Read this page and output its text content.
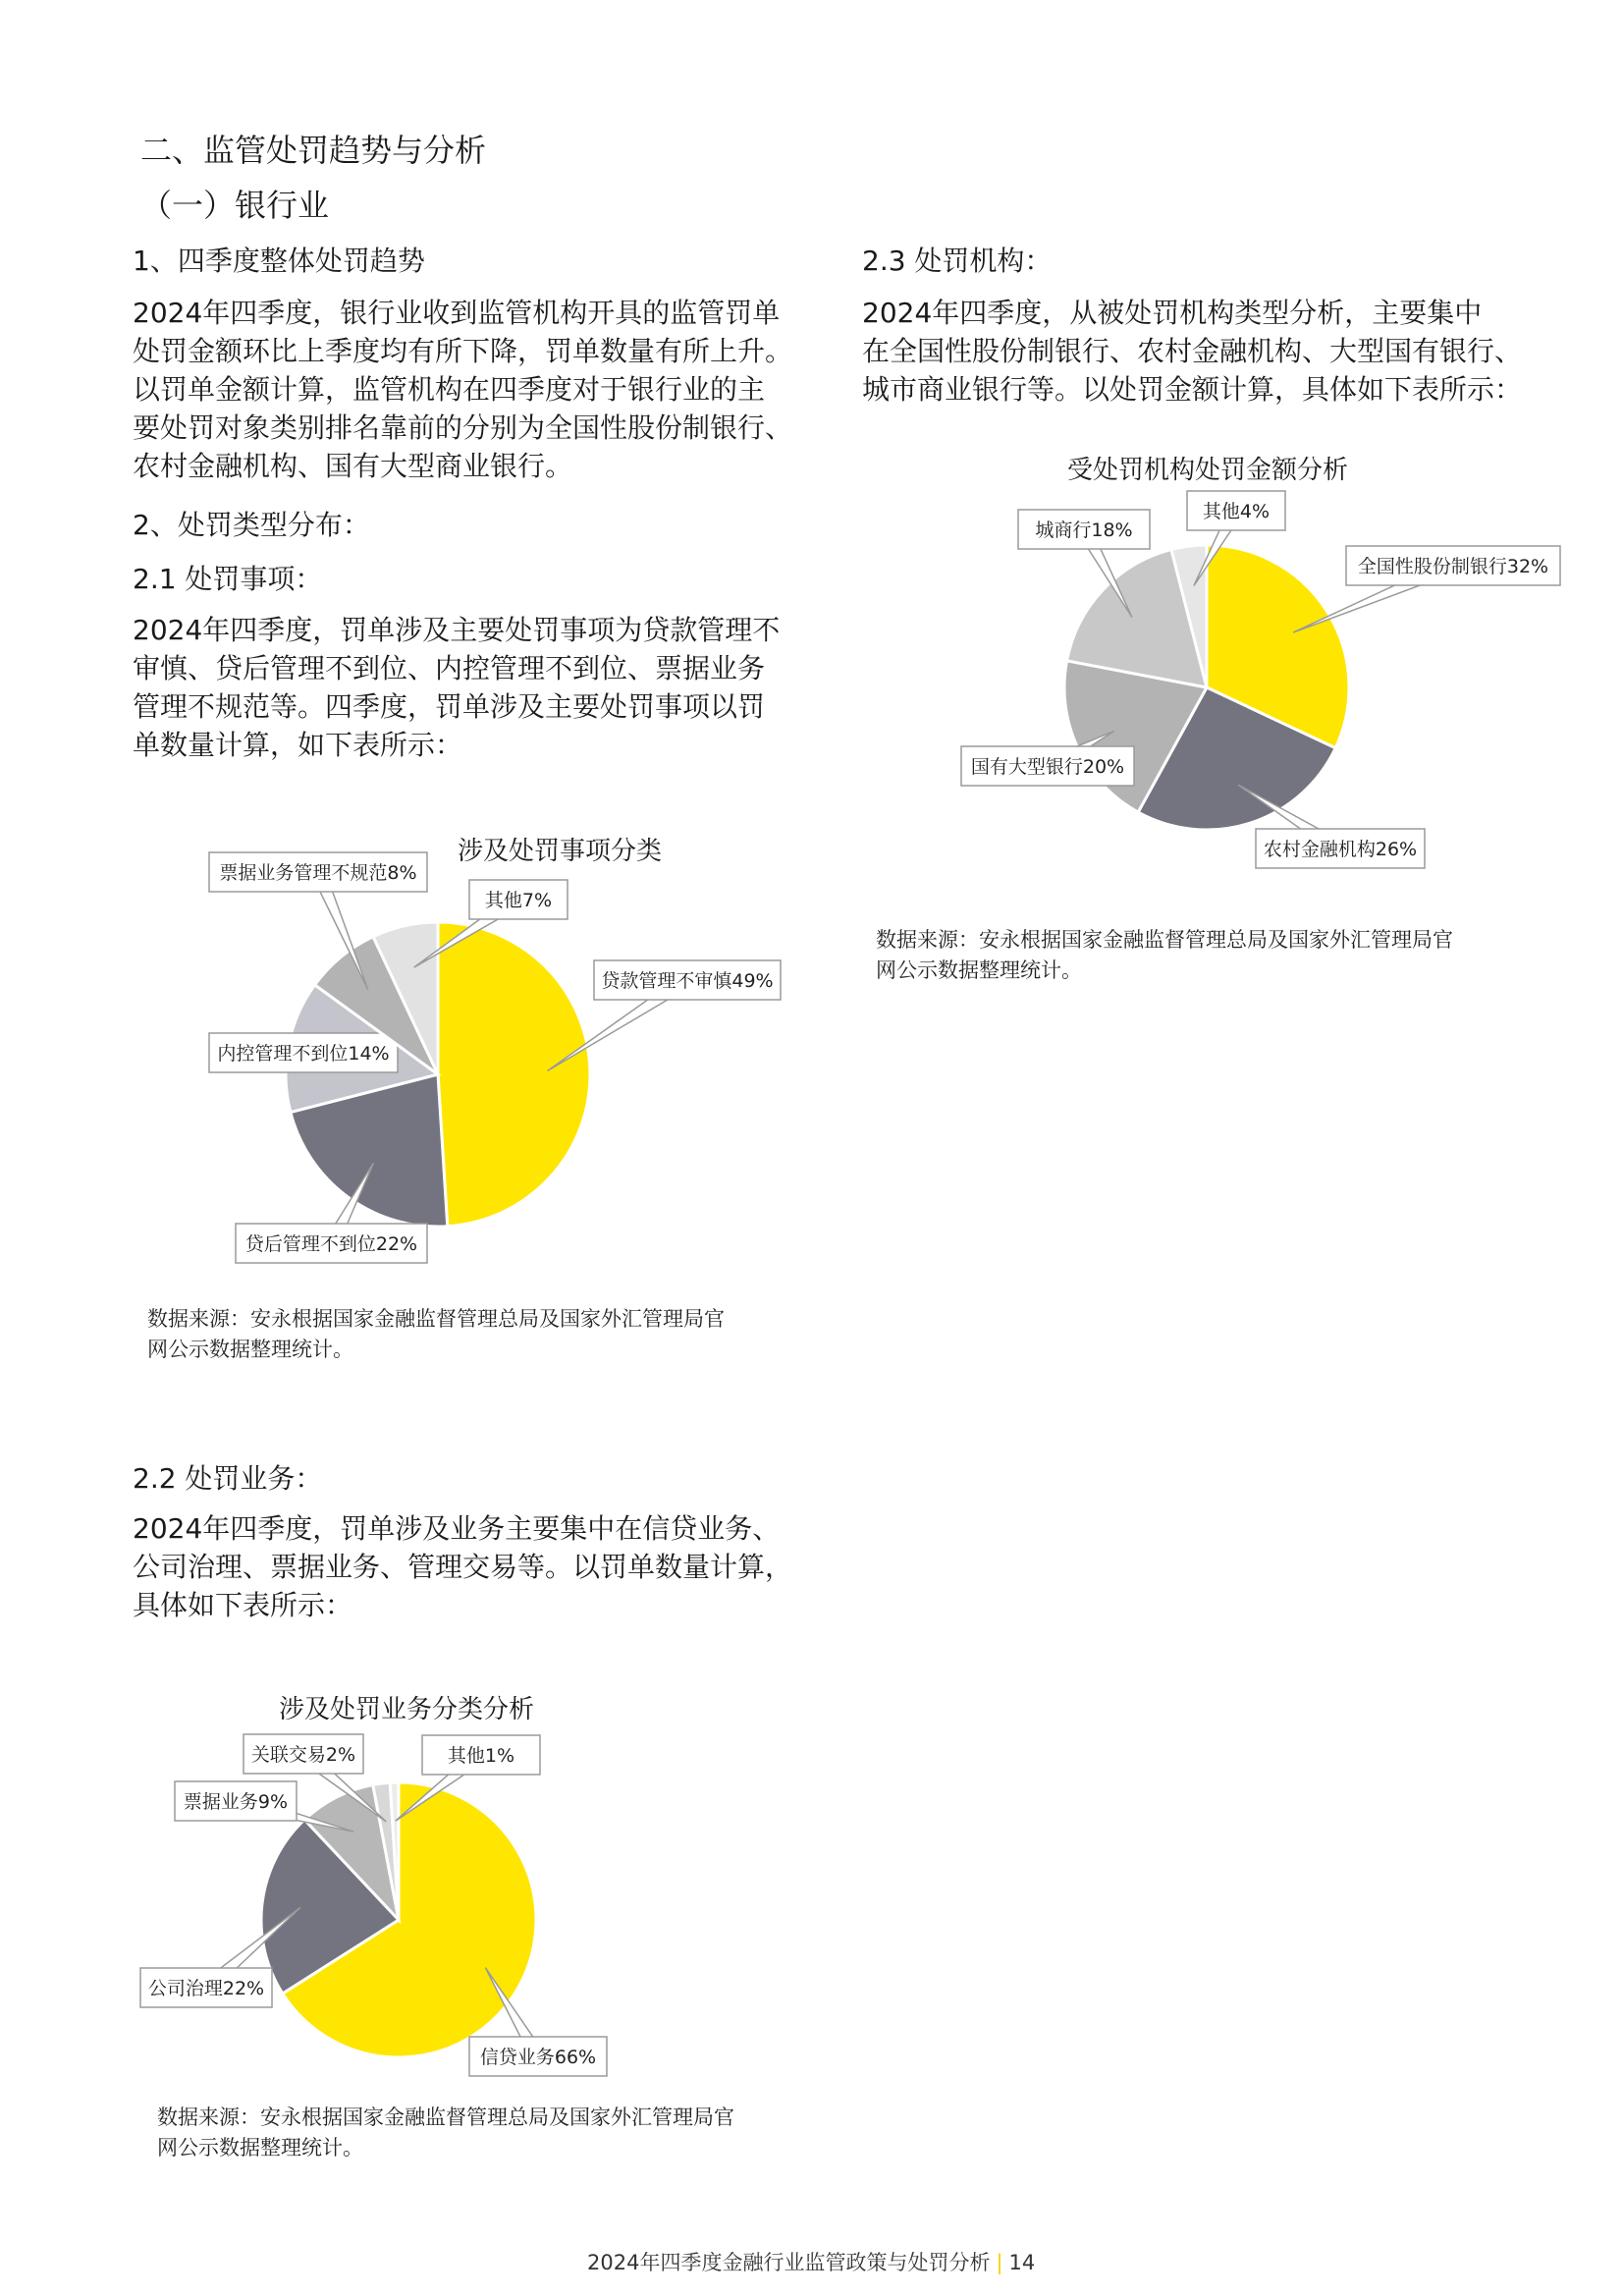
二、监管处罚趋势与分析
（一）银行业
1、四季度整体处罚趋势
2024年四季度，银行业收到监管机构开具的监管罚单
处罚金额环比上季度均有所下降，罚单数量有所上升。
以罚单金额计算，监管机构在四季度对于银行业的主
要处罚对象类别排名靠前的分别为全国性股份制银行、
农村金融机构、国有大型商业银行。
2、处罚类型分布：
2.1 处罚事项：
2024年四季度，罚单涉及主要处罚事项为贷款管理不
审慎、贷后管理不到位、内控管理不到位、票据业务
管理不规范等。四季度，罚单涉及主要处罚事项以罚
单数量计算，如下表所示：
涉及处罚事项分类
贷款管理不审慎49%
贷后管理不到位22%
内控管理不到位14%
票据业务管理不规范8%
其他7%
数据来源：安永根据国家金融监督管理总局及国家外汇管理局官
网公示数据整理统计。
2.2 处罚业务：
2024年四季度，罚单涉及业务主要集中在信贷业务、
公司治理、票据业务、管理交易等。以罚单数量计算，
具体如下表所示：
涉及处罚业务分类分析
信贷业务66%
公司治理22%
票据业务9%
关联交易2%	其他1%
数据来源：安永根据国家金融监督管理总局及国家外汇管理局官
网公示数据整理统计。
2.3 处罚机构：
2024年四季度，从被处罚机构类型分析，主要集中
在全国性股份制银行、农村金融机构、大型国有银行、
城市商业银行等。以处罚金额计算，具体如下表所示：
受处罚机构处罚金额分析
全国性股份制银行32%
农村金融机构26%
国有大型银行20%
城商行18%
其他4%
数据来源：安永根据国家金融监督管理总局及国家外汇管理局官
网公示数据整理统计。
2024年四季度金融行业监管政策与处罚分析 | 14
